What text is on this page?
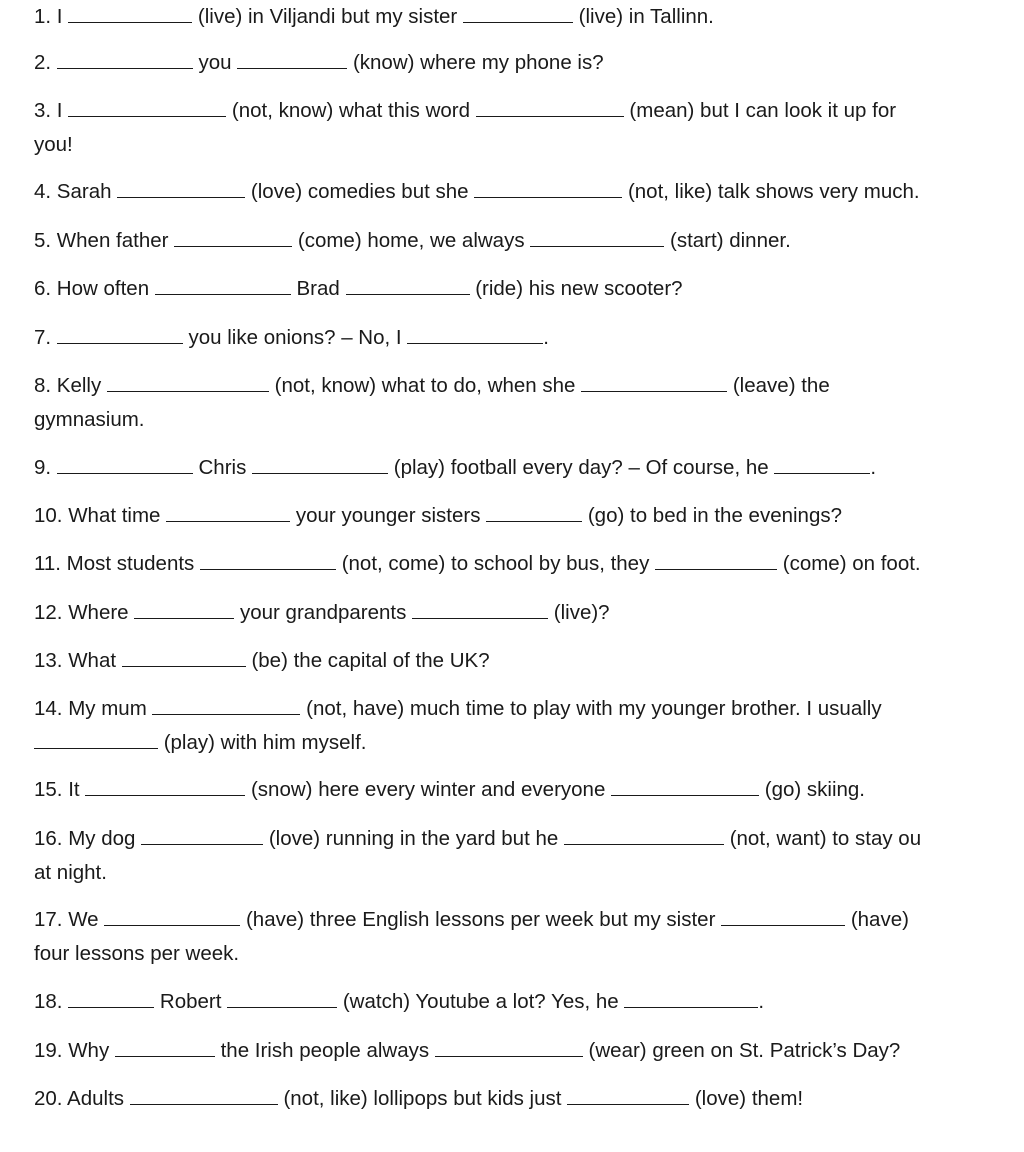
1. I	(live) in Viljandi but my sister	(live) in Tallinn.
2.	you	(know) where my phone is?
3. I	(not, know) what this word	(mean) but I can look it up for
you!
4. Sarah	(love) comedies but she	(not, like) talk shows very much.
5. When father	(come) home, we always	(start) dinner.
6. How often	Brad	(ride) his new scooter?
7.	you like onions? – No, I	.
8. Kelly	(not, know) what to do, when she	(leave) the
gymnasium.
9.	Chris	(play) football every day? – Of course, he	.
10. What time	your younger sisters	(go) to bed in the evenings?
11. Most students	(not, come) to school by bus, they	(come) on foot.
12. Where	your grandparents	(live)?
13. What	(be) the capital of the UK?
14. My mum	(not, have) much time to play with my younger brother. I usually
(play) with him myself.
15. It	(snow) here every winter and everyone	(go) skiing.
16. My dog	(love) running in the yard but he	(not, want) to stay ou
at night.
17. We	(have) three English lessons per week but my sister	(have)
four lessons per week.
18.	Robert	(watch) Youtube a lot? Yes, he	.
19. Why	the Irish people always	(wear) green on St. Patrick’s Day?
20. Adults	(not, like) lollipops but kids just	(love) them!
